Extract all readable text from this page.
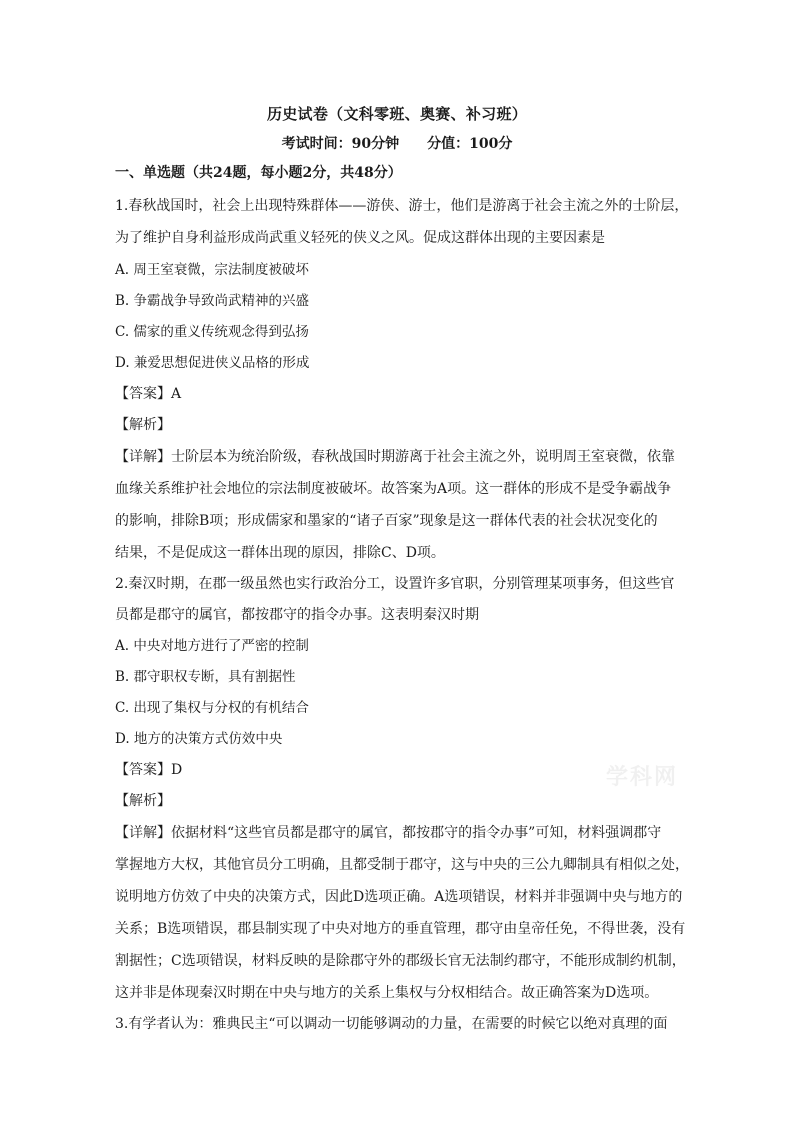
历史试卷（文科零班、奥赛、补习班）
考试时间：90分钟 分值：100分
一、单选题（共24题，每小题2分，共48分）
1.春秋战国时，社会上出现特殊群体——游侠、游士，他们是游离于社会主流之外的士阶层，
为了维护自身利益形成尚武重义轻死的侠义之风。促成这群体出现的主要因素是
A. 周王室衰微，宗法制度被破坏
B. 争霸战争导致尚武精神的兴盛
C. 儒家的重义传统观念得到弘扬
D. 兼爱思想促进侠义品格的形成
【答案】A
【解析】
【详解】士阶层本为统治阶级，春秋战国时期游离于社会主流之外，说明周王室衰微，依靠
血缘关系维护社会地位的宗法制度被破坏。故答案为A项。这一群体的形成不是受争霸战争
的影响，排除B项；形成儒家和墨家的“诸子百家”现象是这一群体代表的社会状况变化的
结果，不是促成这一群体出现的原因，排除C、D项。
2.秦汉时期，在郡一级虽然也实行政治分工，设置许多官职，分别管理某项事务，但这些官
员都是郡守的属官，都按郡守的指令办事。这表明秦汉时期
A. 中央对地方进行了严密的控制
B. 郡守职权专断，具有割据性
C. 出现了集权与分权的有机结合
D. 地方的决策方式仿效中央
【答案】D
【解析】
【详解】依据材料“这些官员都是郡守的属官，都按郡守的指令办事”可知，材料强调郡守
掌握地方大权，其他官员分工明确，且都受制于郡守，这与中央的三公九卿制具有相似之处，
说明地方仿效了中央的决策方式，因此D选项正确。A选项错误，材料并非强调中央与地方的
关系；B选项错误，郡县制实现了中央对地方的垂直管理，郡守由皇帝任免，不得世袭，没有
割据性；C选项错误，材料反映的是除郡守外的郡级长官无法制约郡守，不能形成制约机制，
这并非是体现秦汉时期在中央与地方的关系上集权与分权相结合。故正确答案为D选项。
3.有学者认为：雅典民主“可以调动一切能够调动的力量，在需要的时候它以绝对真理的面
学科网
